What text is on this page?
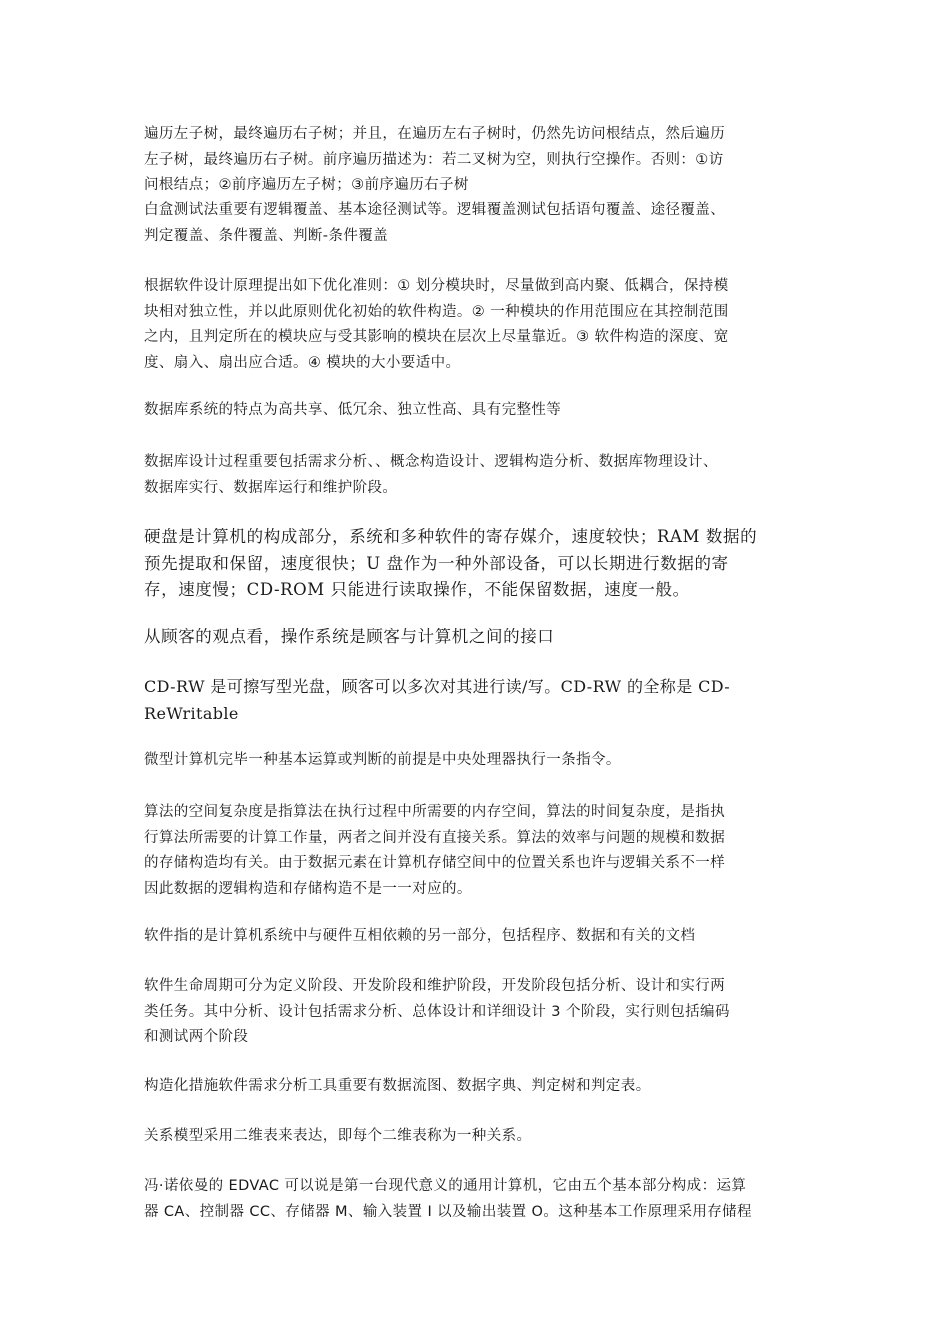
遍历左子树，最终遍历右子树；并且，在遍历左右子树时，仍然先访问根结点，然后遍历
左子树，最终遍历右子树。前序遍历描述为：若二叉树为空，则执行空操作。否则：①访
问根结点；②前序遍历左子树；③前序遍历右子树

白盒测试法重要有逻辑覆盖、基本途径测试等。逻辑覆盖测试包括语句覆盖、途径覆盖、
判定覆盖、条件覆盖、判断-条件覆盖

根据软件设计原理提出如下优化准则：① 划分模块时，尽量做到高内聚、低耦合，保持模
块相对独立性，并以此原则优化初始的软件构造。② 一种模块的作用范围应在其控制范围
之内，且判定所在的模块应与受其影响的模块在层次上尽量靠近。③ 软件构造的深度、宽
度、扇入、扇出应合适。④ 模块的大小要适中。

数据库系统的特点为高共享、低冗余、独立性高、具有完整性等

数据库设计过程重要包括需求分析、、概念构造设计、逻辑构造分析、数据库物理设计、
数据库实行、数据库运行和维护阶段。

硬盘是计算机的构成部分，系统和多种软件的寄存媒介，速度较快；RAM 数据的
预先提取和保留，速度很快；U 盘作为一种外部设备，可以长期进行数据的寄
存，速度慢；CD-ROM 只能进行读取操作，不能保留数据，速度一般。

从顾客的观点看，操作系统是顾客与计算机之间的接口

CD-RW 是可擦写型光盘，顾客可以多次对其进行读/写。CD-RW 的全称是 CD-
ReWritable

微型计算机完毕一种基本运算或判断的前提是中央处理器执行一条指令。

算法的空间复杂度是指算法在执行过程中所需要的内存空间，算法的时间复杂度，是指执
行算法所需要的计算工作量，两者之间并没有直接关系。算法的效率与问题的规模和数据
的存储构造均有关。由于数据元素在计算机存储空间中的位置关系也许与逻辑关系不一样
因此数据的逻辑构造和存储构造不是一一对应的。

软件指的是计算机系统中与硬件互相依赖的另一部分，包括程序、数据和有关的文档

软件生命周期可分为定义阶段、开发阶段和维护阶段，开发阶段包括分析、设计和实行两
类任务。其中分析、设计包括需求分析、总体设计和详细设计 3 个阶段，实行则包括编码
和测试两个阶段

构造化措施软件需求分析工具重要有数据流图、数据字典、判定树和判定表。

关系模型采用二维表来表达，即每个二维表称为一种关系。

冯·诺依曼的 EDVAC 可以说是第一台现代意义的通用计算机，它由五个基本部分构成：运算
器 CA、控制器 CC、存储器 M、输入装置 I 以及输出装置 O。这种基本工作原理采用存储程
